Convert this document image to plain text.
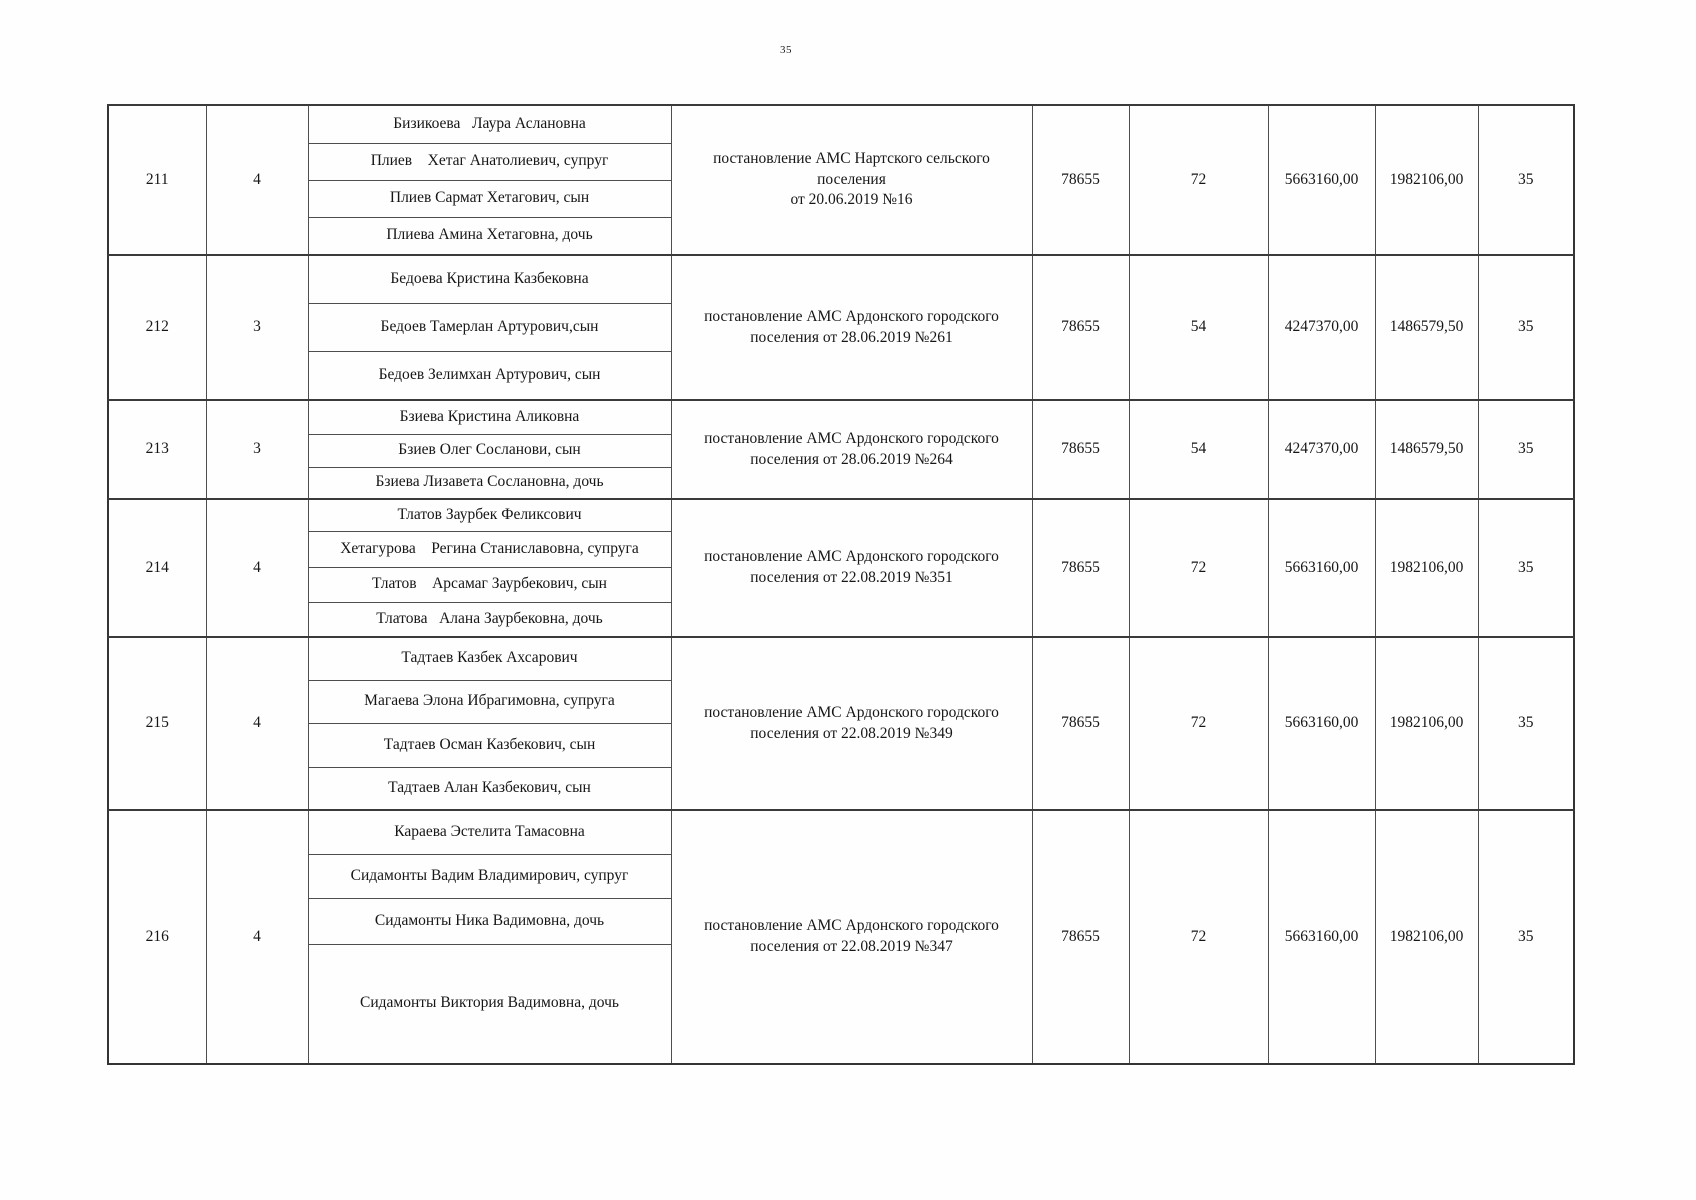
35
211	4	Бизикоева   Лаура Аслановна	постановление АМС Нартского сельского поселения
от 20.06.2019 №16	78655	72	5663160,00	1982106,00	35
		Плиев    Хетаг Анатолиевич, супруг						
		Плиев Сармат Хетагович, сын						
		Плиева Амина Хетаговна, дочь						
212	3	Бедоева Кристина Казбековна	постановление АМС Ардонского городского
поселения от 28.06.2019 №261	78655	54	4247370,00	1486579,50	35
		Бедоев Тамерлан Артурович,сын						
		Бедоев Зелимхан Артурович, сын						
213	3	Бзиева Кристина Аликовна	постановление АМС Ардонского городского
поселения от 28.06.2019 №264	78655	54	4247370,00	1486579,50	35
		Бзиев Олег Сосланови, сын						
		Бзиева Лизавета Сослановна, дочь						
214	4	Тлатов Заурбек Феликсович	постановление АМС Ардонского городского
поселения от 22.08.2019 №351	78655	72	5663160,00	1982106,00	35
		Хетагурова    Регина Станиславовна, супруга						
		Тлатов    Арсамаг Заурбекович, сын						
		Тлатова   Алана Заурбековна, дочь						
215	4	Тадтаев Казбек Ахсарович	постановление АМС Ардонского городского
поселения от 22.08.2019 №349	78655	72	5663160,00	1982106,00	35
		Магаева Элона Ибрагимовна, супруга						
		Тадтаев Осман Казбекович, сын						
		Тадтаев Алан Казбекович, сын						
216	4	Караева Эстелита Тамасовна	постановление АМС Ардонского городского
поселения от 22.08.2019 №347	78655	72	5663160,00	1982106,00	35
		Сидамонты Вадим Владимирович, супруг						
		Сидамонты Ника Вадимовна, дочь						
		Сидамонты Виктория Вадимовна, дочь						
